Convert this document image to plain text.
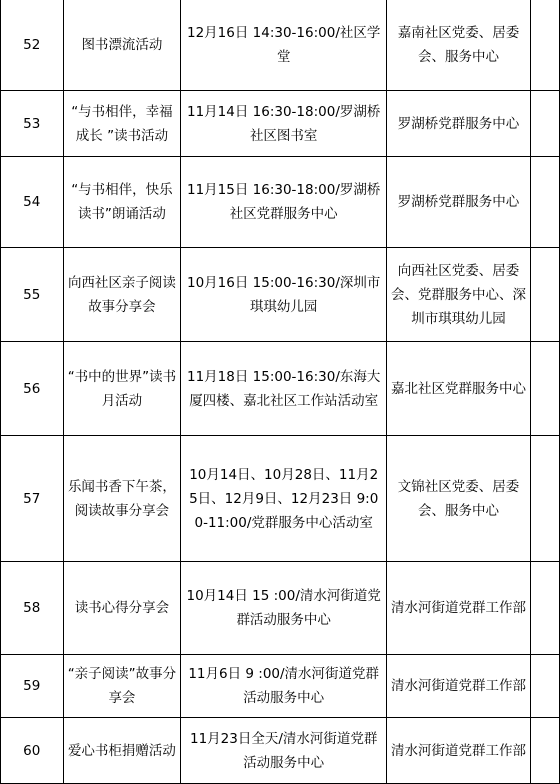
52	图书漂流活动	12月16日 14:30-16:00/社区学堂	嘉南社区党委、居委会、服务中心	
53	“与书相伴，幸福成长 ”读书活动	11月14日 16:30-18:00/罗湖桥社区图书室	罗湖桥党群服务中心	
54	“与书相伴，快乐读书”朗诵活动	11月15日 16:30-18:00/罗湖桥社区党群服务中心	罗湖桥党群服务中心	
55	向西社区亲子阅读故事分享会	10月16日 15:00-16:30/深圳市琪琪幼儿园	向西社区党委、居委会、党群服务中心、深圳市琪琪幼儿园	
56	“书中的世界”读书月活动	11月18日 15:00-16:30/东海大厦四楼、嘉北社区工作站活动室	嘉北社区党群服务中心	
57	乐闻书香下午茶，阅读故事分享会	10月14日、10月28日、11月25日、12月9日、12月23日 9:00-11:00/党群服务中心活动室	文锦社区党委、居委会、服务中心	
58	读书心得分享会	10月14日 15 :00/清水河街道党群活动服务中心	清水河街道党群工作部	
59	“亲子阅读”故事分享会	11月6日 9 :00/清水河街道党群活动服务中心	清水河街道党群工作部	
60	爱心书柜捐赠活动	11月23日全天/清水河街道党群活动服务中心	清水河街道党群工作部	
